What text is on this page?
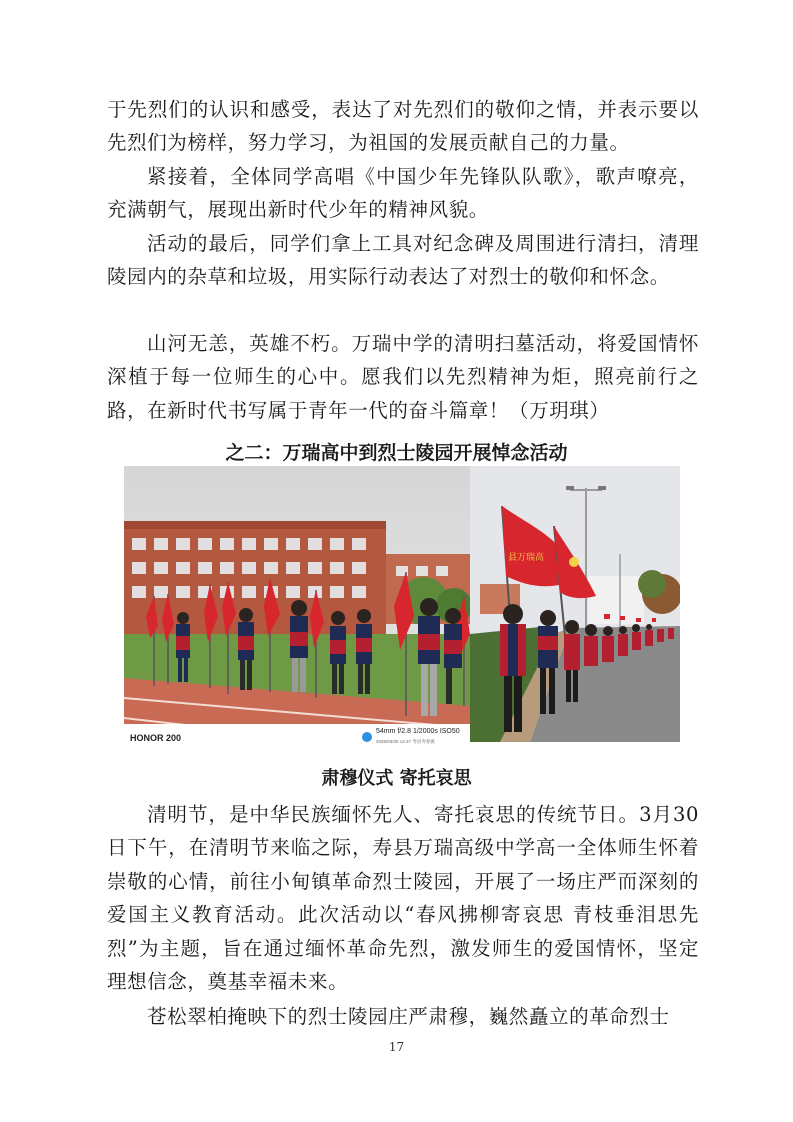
于先烈们的认识和感受，表达了对先烈们的敬仰之情，并表示要以先烈们为榜样，努力学习，为祖国的发展贡献自己的力量。

紧接着，全体同学高唱《中国少年先锋队队歌》，歌声嘹亮，充满朝气，展现出新时代少年的精神风貌。

活动的最后，同学们拿上工具对纪念碑及周围进行清扫，清理陵园内的杂草和垃圾，用实际行动表达了对烈士的敬仰和怀念。

山河无恙，英雄不朽。万瑞中学的清明扫墓活动，将爱国情怀深植于每一位师生的心中。愿我们以先烈精神为炬，照亮前行之路，在新时代书写属于青年一代的奋斗篇章！（万玥琪）

之二：万瑞高中到烈士陵园开展悼念活动
HONOR 200
54mm f/2.8 1/2000s ISO50
2025/03/30 14:37 寿县寿春镇
县万瑞高
肃穆仪式 寄托哀思

清明节，是中华民族缅怀先人、寄托哀思的传统节日。3月30日下午，在清明节来临之际，寿县万瑞高级中学高一全体师生怀着崇敬的心情，前往小甸镇革命烈士陵园，开展了一场庄严而深刻的爱国主义教育活动。此次活动以“春风拂柳寄哀思 青枝垂泪思先烈”为主题，旨在通过缅怀革命先烈，激发师生的爱国情怀，坚定理想信念，奠基幸福未来。

苍松翠柏掩映下的烈士陵园庄严肃穆，巍然矗立的革命烈士

17
